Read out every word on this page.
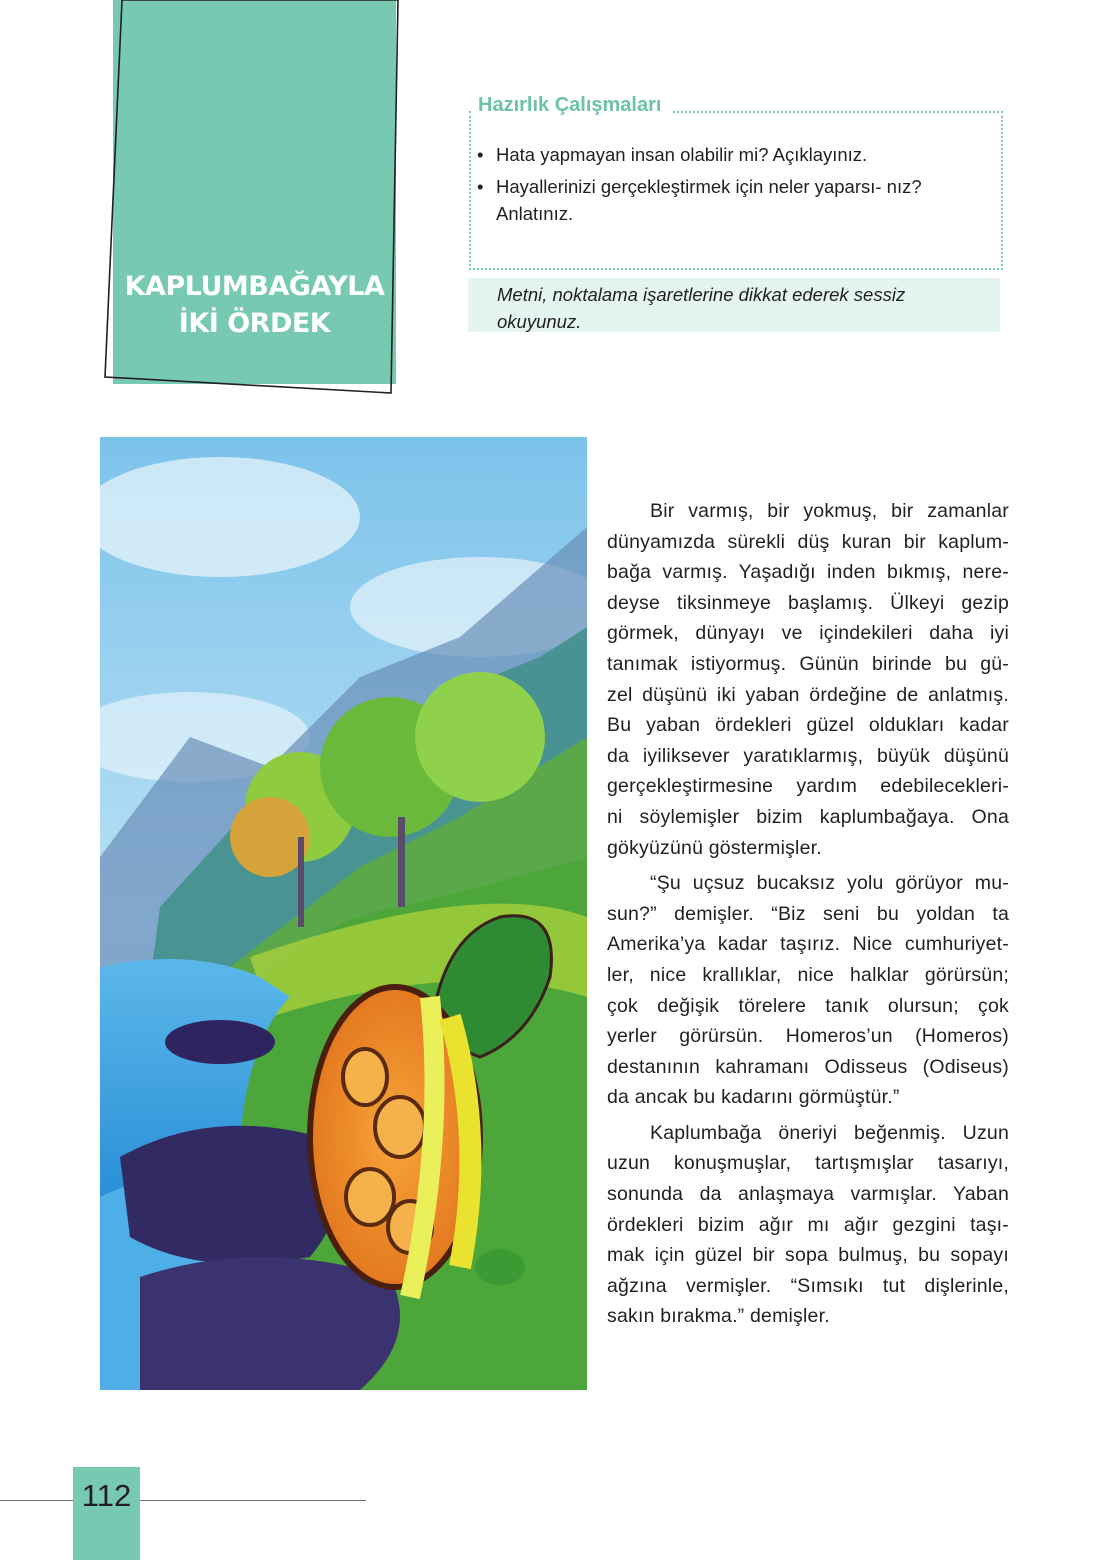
KAPLUMBAĞAYLA
İKİ ÖRDEK
Hazırlık Çalışmaları
• Hata yapmayan insan olabilir mi? Açıklayınız.
• Hayallerinizi gerçekleştirmek için neler yaparsı- nız? Anlatınız.
Metni, noktalama işaretlerine dikkat ederek sessiz okuyunuz.
Bir varmış, bir yokmuş, bir zamanlar
dünyamızda sürekli düş kuran bir kaplum-
bağa varmış. Yaşadığı inden bıkmış, nere-
deyse tiksinmeye başlamış. Ülkeyi gezip
görmek, dünyayı ve içindekileri daha iyi
tanımak istiyormuş. Günün birinde bu gü-
zel düşünü iki yaban ördeğine de anlatmış.
Bu yaban ördekleri güzel oldukları kadar
da iyiliksever yaratıklarmış, büyük düşünü
gerçekleştirmesine yardım edebilecekleri-
ni söylemişler bizim kaplumbağaya. Ona
gökyüzünü göstermişler.
“Şu uçsuz bucaksız yolu görüyor mu-
sun?” demişler. “Biz seni bu yoldan ta
Amerika’ya kadar taşırız. Nice cumhuriyet-
ler, nice krallıklar, nice halklar görürsün;
çok değişik törelere tanık olursun; çok
yerler görürsün. Homeros’un (Homeros)
destanının kahramanı Odisseus (Odiseus)
da ancak bu kadarını görmüştür.”
Kaplumbağa öneriyi beğenmiş. Uzun
uzun konuşmuşlar, tartışmışlar tasarıyı,
sonunda da anlaşmaya varmışlar. Yaban
ördekleri bizim ağır mı ağır gezgini taşı-
mak için güzel bir sopa bulmuş, bu sopayı
ağzına vermişler. “Sımsıkı tut dişlerinle,
sakın bırakma.” demişler.
112
